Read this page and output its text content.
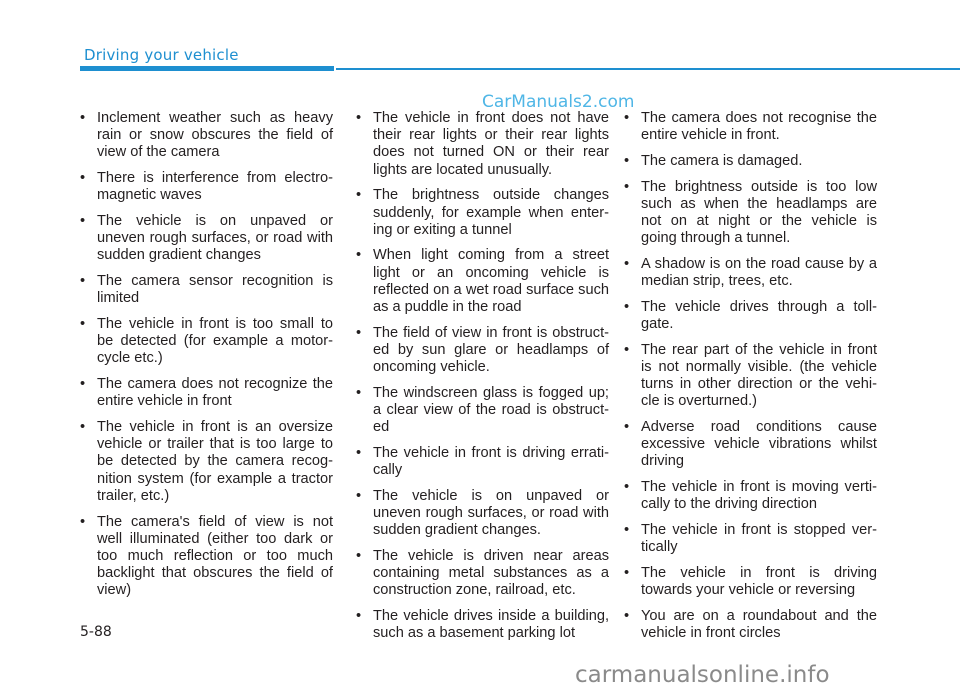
Driving your vehicle
CarManuals2.com
• Inclement weather such as heavy rain or snow obscures the field of view of the camera
• There is interference from electro-magnetic waves
• The vehicle is on unpaved or uneven rough surfaces, or road with sudden gradient changes
• The camera sensor recognition is limited
• The vehicle in front is too small to be detected (for example a motor-cycle etc.)
• The camera does not recognize the entire vehicle in front
• The vehicle in front is an oversize vehicle or trailer that is too large to be detected by the camera recog-nition system (for example a tractor trailer, etc.)
• The camera's field of view is not well illuminated (either too dark or too much reflection or too much backlight that obscures the field of view)
• The vehicle in front does not have their rear lights or their rear lights does not turned ON or their rear lights are located unusually.
• The brightness outside changes suddenly, for example when enter-ing or exiting a tunnel
• When light coming from a street light or an oncoming vehicle is reflected on a wet road surface such as a puddle in the road
• The field of view in front is obstruct-ed by sun glare or headlamps of oncoming vehicle.
• The windscreen glass is fogged up; a clear view of the road is obstruct-ed
• The vehicle in front is driving errati-cally
• The vehicle is on unpaved or uneven rough surfaces, or road with sudden gradient changes.
• The vehicle is driven near areas containing metal substances as a construction zone, railroad, etc.
• The vehicle drives inside a building, such as a basement parking lot
• The camera does not recognise the entire vehicle in front.
• The camera is damaged.
• The brightness outside is too low such as when the headlamps are not on at night or the vehicle is going through a tunnel.
• A shadow is on the road cause by a median strip, trees, etc.
• The vehicle drives through a toll-gate.
• The rear part of the vehicle in front is not normally visible. (the vehicle turns in other direction or the vehi-cle is overturned.)
• Adverse road conditions cause excessive vehicle vibrations whilst driving
• The vehicle in front is moving verti-cally to the driving direction
• The vehicle in front is stopped ver-tically
• The vehicle in front is driving towards your vehicle or reversing
• You are on a roundabout and the vehicle in front circles
5-88
carmanualsonline.info
